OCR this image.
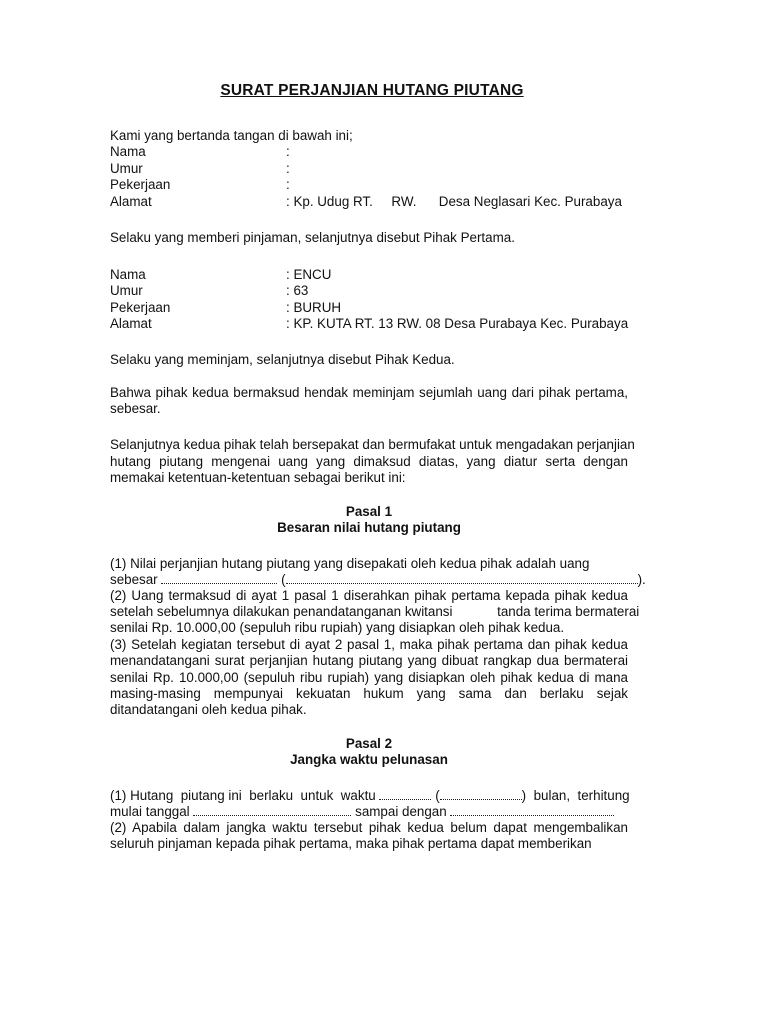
SURAT PERJANJIAN HUTANG PIUTANG
Kami yang bertanda tangan di bawah ini;
Nama	:
Umur	:
Pekerjaan	:
Alamat	: Kp. Udug RT.     RW.      Desa Neglasari Kec. Purabaya
Selaku yang memberi pinjaman, selanjutnya disebut Pihak Pertama.
Nama	: ENCU
Umur	: 63
Pekerjaan	: BURUH
Alamat	: KP. KUTA RT. 13 RW. 08 Desa Purabaya Kec. Purabaya
Selaku yang meminjam, selanjutnya disebut Pihak Kedua.
Bahwa pihak kedua bermaksud hendak meminjam sejumlah uang dari pihak pertama,
sebesar.
Selanjutnya kedua pihak telah bersepakat dan bermufakat untuk mengadakan perjanjian
hutang piutang mengenai uang yang dimaksud diatas, yang diatur serta dengan
memakai ketentuan-ketentuan sebagai berikut ini:
Pasal 1
Besaran nilai hutang piutang
(1) Nilai perjanjian hutang piutang yang disepakati oleh kedua pihak adalah uang
sebesar	(	).
(2) Uang termaksud di ayat 1 pasal 1 diserahkan pihak pertama kepada pihak kedua
setelah sebelumnya dilakukan penandatanganan kwitansi            tanda terima bermaterai
senilai Rp. 10.000,00 (sepuluh ribu rupiah) yang disiapkan oleh pihak kedua.
(3) Setelah kegiatan tersebut di ayat 2 pasal 1, maka pihak pertama dan pihak kedua
menandatangani surat perjanjian hutang piutang yang dibuat rangkap dua bermaterai
senilai Rp. 10.000,00 (sepuluh ribu rupiah) yang disiapkan oleh pihak kedua di mana
masing-masing mempunyai kekuatan hukum yang sama dan berlaku sejak
ditandatangani oleh kedua pihak.
Pasal 2
Jangka waktu pelunasan
(1) Hutang  piutang ini  berlaku  untuk  waktu	(	)  bulan,  terhitung
mulai tanggal	sampai dengan
(2) Apabila dalam jangka waktu tersebut pihak kedua belum dapat mengembalikan
seluruh pinjaman kepada pihak pertama, maka pihak pertama dapat memberikan
